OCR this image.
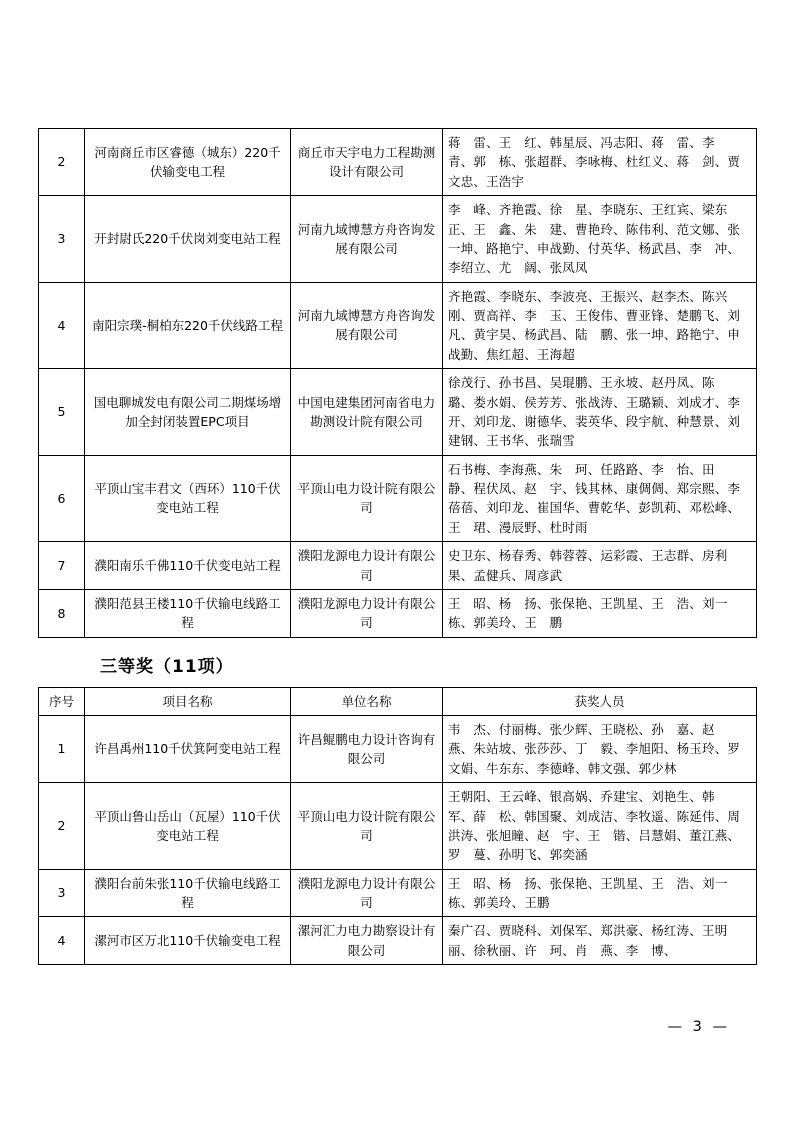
2	河南商丘市区睿德（城东）220千伏输变电工程	商丘市天宇电力工程勘测设计有限公司	蒋　雷、王　红、韩星辰、冯志阳、蒋　雷、李　青、郭　栋、张超群、李咏梅、杜红义、蒋　剑、贾文忠、王浩宇
3	开封尉氏220千伏岗刘变电站工程	河南九域博慧方舟咨询发展有限公司	李　峰、齐艳霞、徐　星、李晓东、王红宾、梁东正、王　鑫、朱　建、曹艳玲、陈伟利、范文娜、张一坤、路艳宁、申战勤、付英华、杨武昌、李　冲、李绍立、尤　阔、张凤凤
4	南阳宗璞-桐柏东220千伏线路工程	河南九域博慧方舟咨询发展有限公司	齐艳霞、李晓东、李波亮、王振兴、赵李杰、陈兴刚、贾高祥、李　玉、王俊伟、曹亚锋、楚鹏飞、刘　凡、黄宇昊、杨武昌、陆　鹏、张一坤、路艳宁、申战勤、焦红超、王海超
5	国电聊城发电有限公司二期煤场增加全封闭装置EPC项目	中国电建集团河南省电力勘测设计院有限公司	徐茂行、孙书昌、吴琨鹏、王永坡、赵丹凤、陈　璐、娄水娟、侯芳芳、张战涛、王璐颖、刘成才、李　开、刘印龙、谢德华、裴英华、段宇航、种慧景、刘建钢、王书华、张瑞雪
6	平顶山宝丰君文（西环）110千伏变电站工程	平顶山电力设计院有限公司	石书梅、李海燕、朱　珂、任路路、李　怡、田　静、程伏凤、赵　宇、钱其林、康倜倜、郑宗熙、李蓓蓓、刘印龙、崔国华、曹乾华、彭凯莉、邓松峰、王　珺、漫辰野、杜时雨
7	濮阳南乐千佛110千伏变电站工程	濮阳龙源电力设计有限公司	史卫东、杨春秀、韩蓉蓉、运彩霞、王志群、房利果、孟健兵、周彦武
8	濮阳范县王楼110千伏输电线路工程	濮阳龙源电力设计有限公司	王　昭、杨　扬、张保艳、王凯星、王　浩、刘一栋、郭美玲、王　鹏
三等奖（11项）
序号	项目名称	单位名称	获奖人员
1	许昌禹州110千伏箕阿变电站工程	许昌鲲鹏电力设计咨询有限公司	韦　杰、付丽梅、张少辉、王晓松、孙　嘉、赵　燕、朱站坡、张莎莎、丁　毅、李旭阳、杨玉玲、罗文娟、牛东东、李德峰、韩文强、郭少林
2	平顶山鲁山岳山（瓦屋）110千伏变电站工程	平顶山电力设计院有限公司	王朝阳、王云峰、银高娲、乔建宝、刘艳生、韩　军、薛　松、韩国聚、刘成洁、李牧遥、陈延伟、周洪涛、张旭瞳、赵　宇、王　锴、吕慧娟、董江燕、罗　蔓、孙明飞、郭奕涵
3	濮阳台前朱张110千伏输电线路工程	濮阳龙源电力设计有限公司	王　昭、杨　扬、张保艳、王凯星、王　浩、刘一栋、郭美玲、王鹏
4	漯河市区万北110千伏输变电工程	漯河汇力电力勘察设计有限公司	秦广召、贾晓科、刘保军、郑洪豪、杨红涛、王明丽、徐秋丽、许　珂、肖　燕、李　博、
— 3 —
